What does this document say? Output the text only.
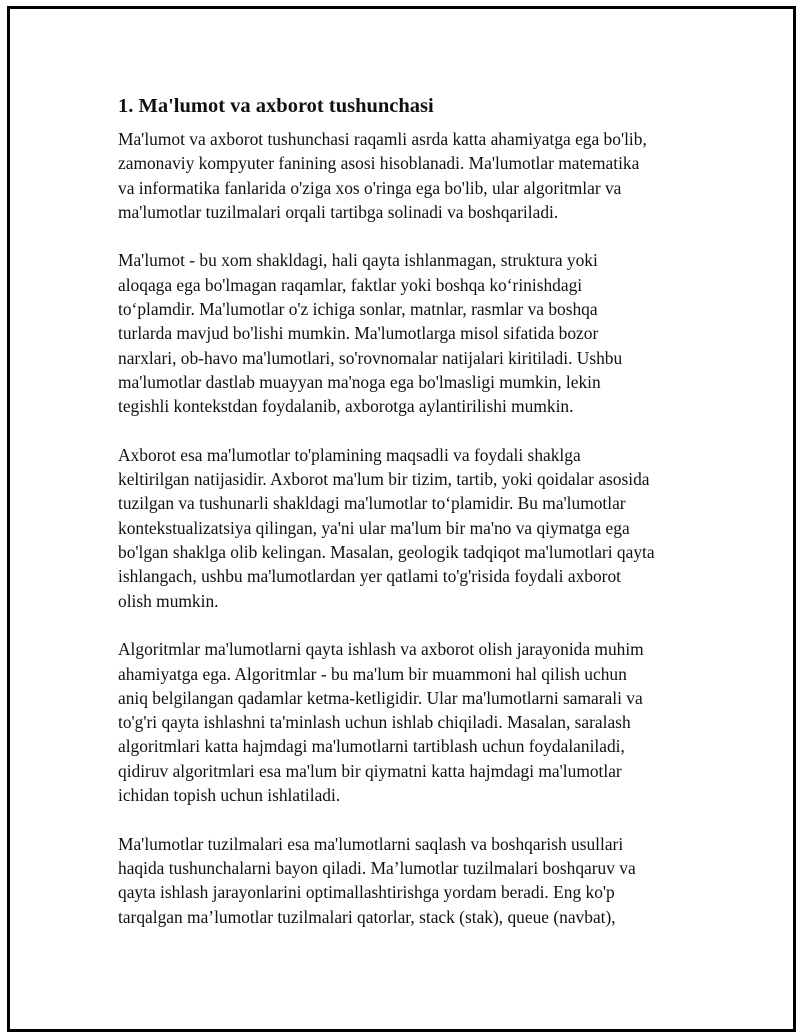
1. Ma'lumot va axborot tushunchasi

Ma'lumot va axborot tushunchasi raqamli asrda katta ahamiyatga ega bo'lib,
zamonaviy kompyuter fanining asosi hisoblanadi. Ma'lumotlar matematika
va informatika fanlarida o'ziga xos o'ringa ega bo'lib, ular algoritmlar va
ma'lumotlar tuzilmalari orqali tartibga solinadi va boshqariladi.

Ma'lumot - bu xom shakldagi, hali qayta ishlanmagan, struktura yoki
aloqaga ega bo'lmagan raqamlar, faktlar yoki boshqa ko‘rinishdagi
to‘plamdir. Ma'lumotlar o'z ichiga sonlar, matnlar, rasmlar va boshqa
turlarda mavjud bo'lishi mumkin. Ma'lumotlarga misol sifatida bozor
narxlari, ob-havo ma'lumotlari, so'rovnomalar natijalari kiritiladi. Ushbu
ma'lumotlar dastlab muayyan ma'noga ega bo'lmasligi mumkin, lekin
tegishli kontekstdan foydalanib, axborotga aylantirilishi mumkin.

Axborot esa ma'lumotlar to'plamining maqsadli va foydali shaklga
keltirilgan natijasidir. Axborot ma'lum bir tizim, tartib, yoki qoidalar asosida
tuzilgan va tushunarli shakldagi ma'lumotlar to‘plamidir. Bu ma'lumotlar
kontekstualizatsiya qilingan, ya'ni ular ma'lum bir ma'no va qiymatga ega
bo'lgan shaklga olib kelingan. Masalan, geologik tadqiqot ma'lumotlari qayta
ishlangach, ushbu ma'lumotlardan yer qatlami to'g'risida foydali axborot
olish mumkin.

Algoritmlar ma'lumotlarni qayta ishlash va axborot olish jarayonida muhim
ahamiyatga ega. Algoritmlar - bu ma'lum bir muammoni hal qilish uchun
aniq belgilangan qadamlar ketma-ketligidir. Ular ma'lumotlarni samarali va
to'g'ri qayta ishlashni ta'minlash uchun ishlab chiqiladi. Masalan, saralash
algoritmlari katta hajmdagi ma'lumotlarni tartiblash uchun foydalaniladi,
qidiruv algoritmlari esa ma'lum bir qiymatni katta hajmdagi ma'lumotlar
ichidan topish uchun ishlatiladi.

Ma'lumotlar tuzilmalari esa ma'lumotlarni saqlash va boshqarish usullari
haqida tushunchalarni bayon qiladi. Ma’lumotlar tuzilmalari boshqaruv va
qayta ishlash jarayonlarini optimallashtirishga yordam beradi. Eng ko'p
tarqalgan ma’lumotlar tuzilmalari qatorlar, stack (stak), queue (navbat),
